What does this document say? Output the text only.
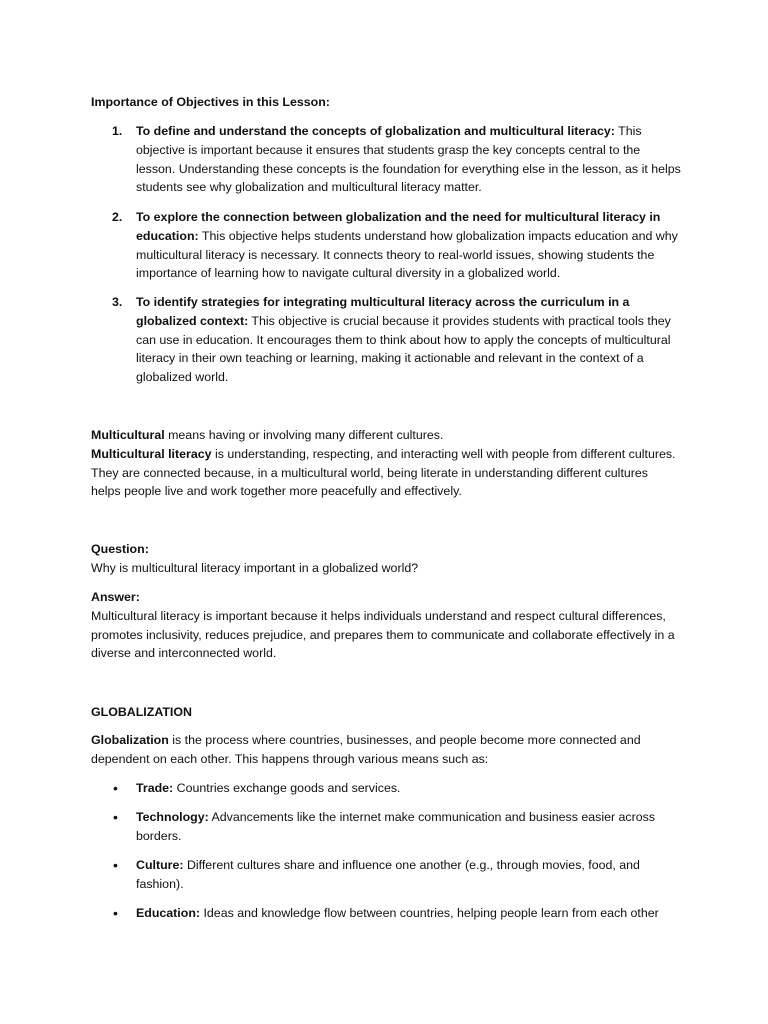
Importance of Objectives in this Lesson:
1.	To define and understand the concepts of globalization and multicultural literacy: This objective is important because it ensures that students grasp the key concepts central to the lesson. Understanding these concepts is the foundation for everything else in the lesson, as it helps students see why globalization and multicultural literacy matter.
2.	To explore the connection between globalization and the need for multicultural literacy in education: This objective helps students understand how globalization impacts education and why multicultural literacy is necessary. It connects theory to real-world issues, showing students the importance of learning how to navigate cultural diversity in a globalized world.
3.	To identify strategies for integrating multicultural literacy across the curriculum in a globalized context: This objective is crucial because it provides students with practical tools they can use in education. It encourages them to think about how to apply the concepts of multicultural literacy in their own teaching or learning, making it actionable and relevant in the context of a globalized world.
Multicultural means having or involving many different cultures.
Multicultural literacy is understanding, respecting, and interacting well with people from different cultures. They are connected because, in a multicultural world, being literate in understanding different cultures helps people live and work together more peacefully and effectively.
Question:
Why is multicultural literacy important in a globalized world?
Answer:
Multicultural literacy is important because it helps individuals understand and respect cultural differences, promotes inclusivity, reduces prejudice, and prepares them to communicate and collaborate effectively in a diverse and interconnected world.
GLOBALIZATION
Globalization is the process where countries, businesses, and people become more connected and dependent on each other. This happens through various means such as:
•	Trade: Countries exchange goods and services.
•	Technology: Advancements like the internet make communication and business easier across borders.
•	Culture: Different cultures share and influence one another (e.g., through movies, food, and fashion).
•	Education: Ideas and knowledge flow between countries, helping people learn from each other
